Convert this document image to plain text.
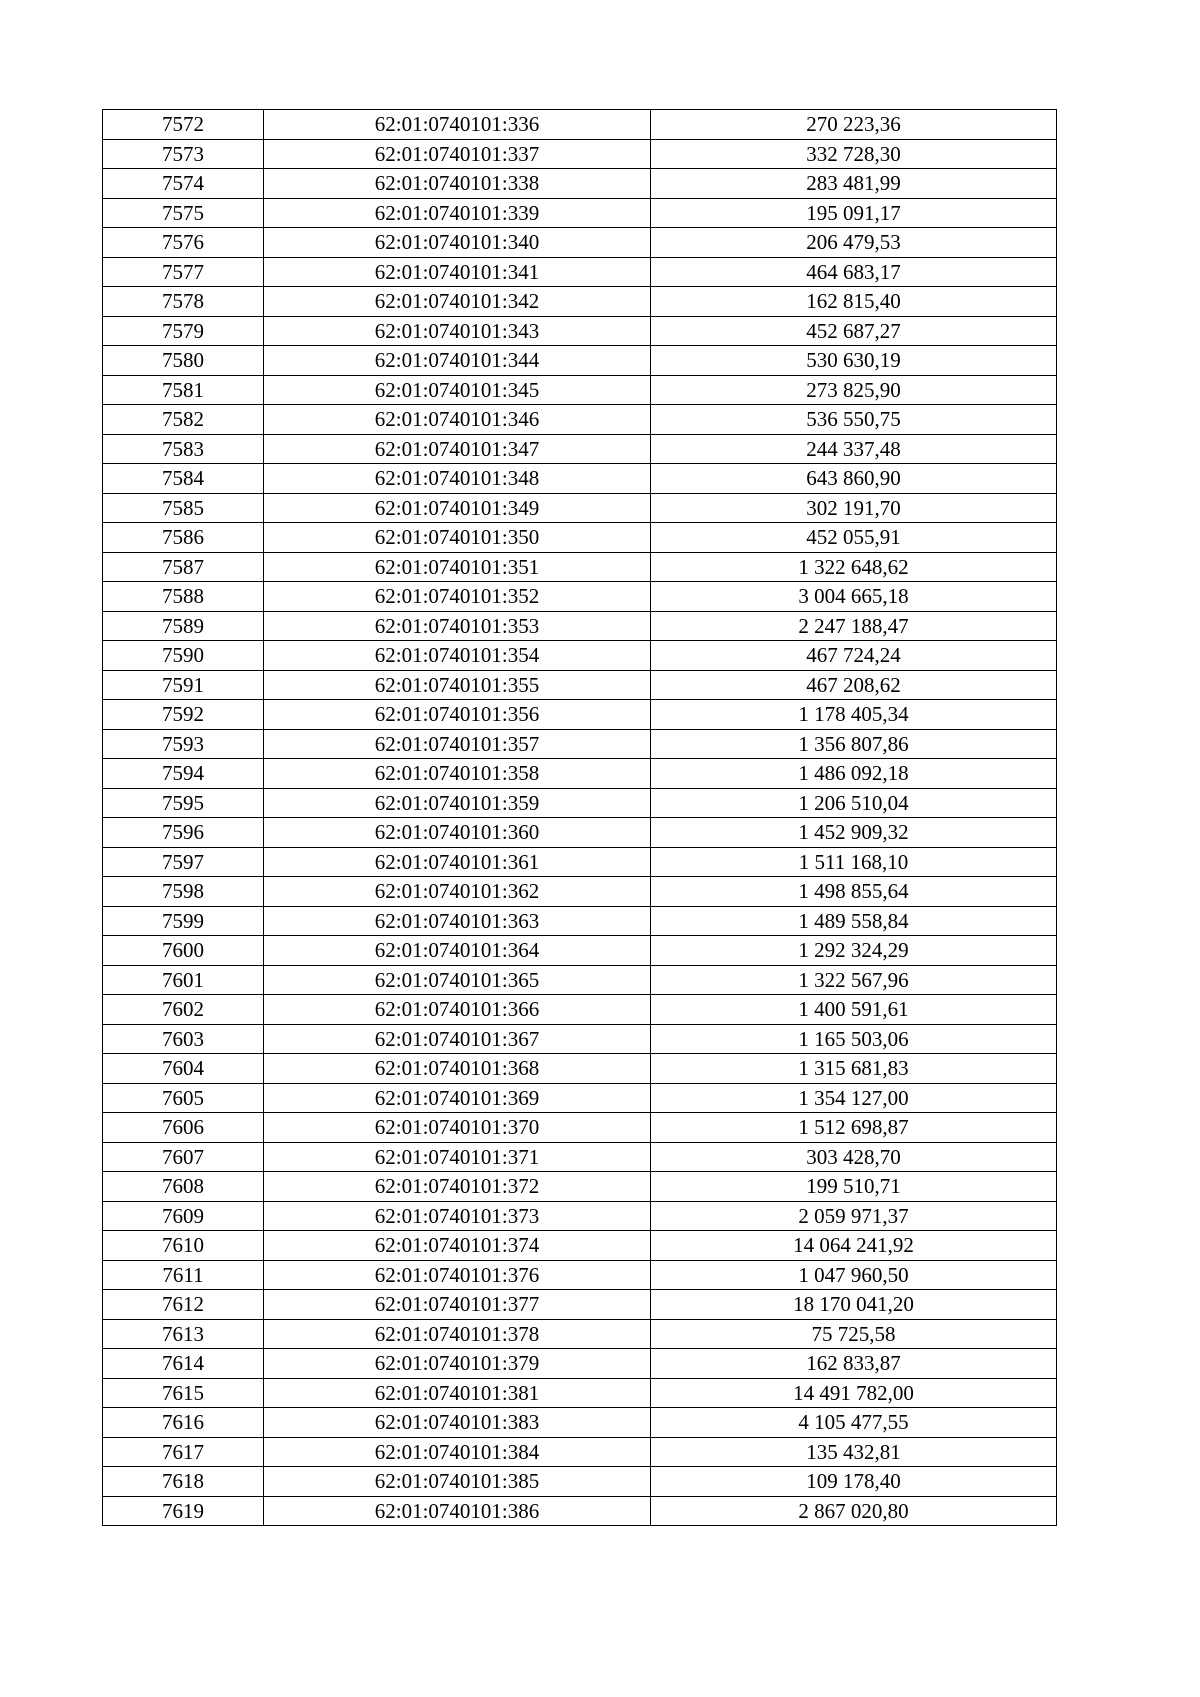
7572	62:01:0740101:336	270 223,36
7573	62:01:0740101:337	332 728,30
7574	62:01:0740101:338	283 481,99
7575	62:01:0740101:339	195 091,17
7576	62:01:0740101:340	206 479,53
7577	62:01:0740101:341	464 683,17
7578	62:01:0740101:342	162 815,40
7579	62:01:0740101:343	452 687,27
7580	62:01:0740101:344	530 630,19
7581	62:01:0740101:345	273 825,90
7582	62:01:0740101:346	536 550,75
7583	62:01:0740101:347	244 337,48
7584	62:01:0740101:348	643 860,90
7585	62:01:0740101:349	302 191,70
7586	62:01:0740101:350	452 055,91
7587	62:01:0740101:351	1 322 648,62
7588	62:01:0740101:352	3 004 665,18
7589	62:01:0740101:353	2 247 188,47
7590	62:01:0740101:354	467 724,24
7591	62:01:0740101:355	467 208,62
7592	62:01:0740101:356	1 178 405,34
7593	62:01:0740101:357	1 356 807,86
7594	62:01:0740101:358	1 486 092,18
7595	62:01:0740101:359	1 206 510,04
7596	62:01:0740101:360	1 452 909,32
7597	62:01:0740101:361	1 511 168,10
7598	62:01:0740101:362	1 498 855,64
7599	62:01:0740101:363	1 489 558,84
7600	62:01:0740101:364	1 292 324,29
7601	62:01:0740101:365	1 322 567,96
7602	62:01:0740101:366	1 400 591,61
7603	62:01:0740101:367	1 165 503,06
7604	62:01:0740101:368	1 315 681,83
7605	62:01:0740101:369	1 354 127,00
7606	62:01:0740101:370	1 512 698,87
7607	62:01:0740101:371	303 428,70
7608	62:01:0740101:372	199 510,71
7609	62:01:0740101:373	2 059 971,37
7610	62:01:0740101:374	14 064 241,92
7611	62:01:0740101:376	1 047 960,50
7612	62:01:0740101:377	18 170 041,20
7613	62:01:0740101:378	75 725,58
7614	62:01:0740101:379	162 833,87
7615	62:01:0740101:381	14 491 782,00
7616	62:01:0740101:383	4 105 477,55
7617	62:01:0740101:384	135 432,81
7618	62:01:0740101:385	109 178,40
7619	62:01:0740101:386	2 867 020,80
